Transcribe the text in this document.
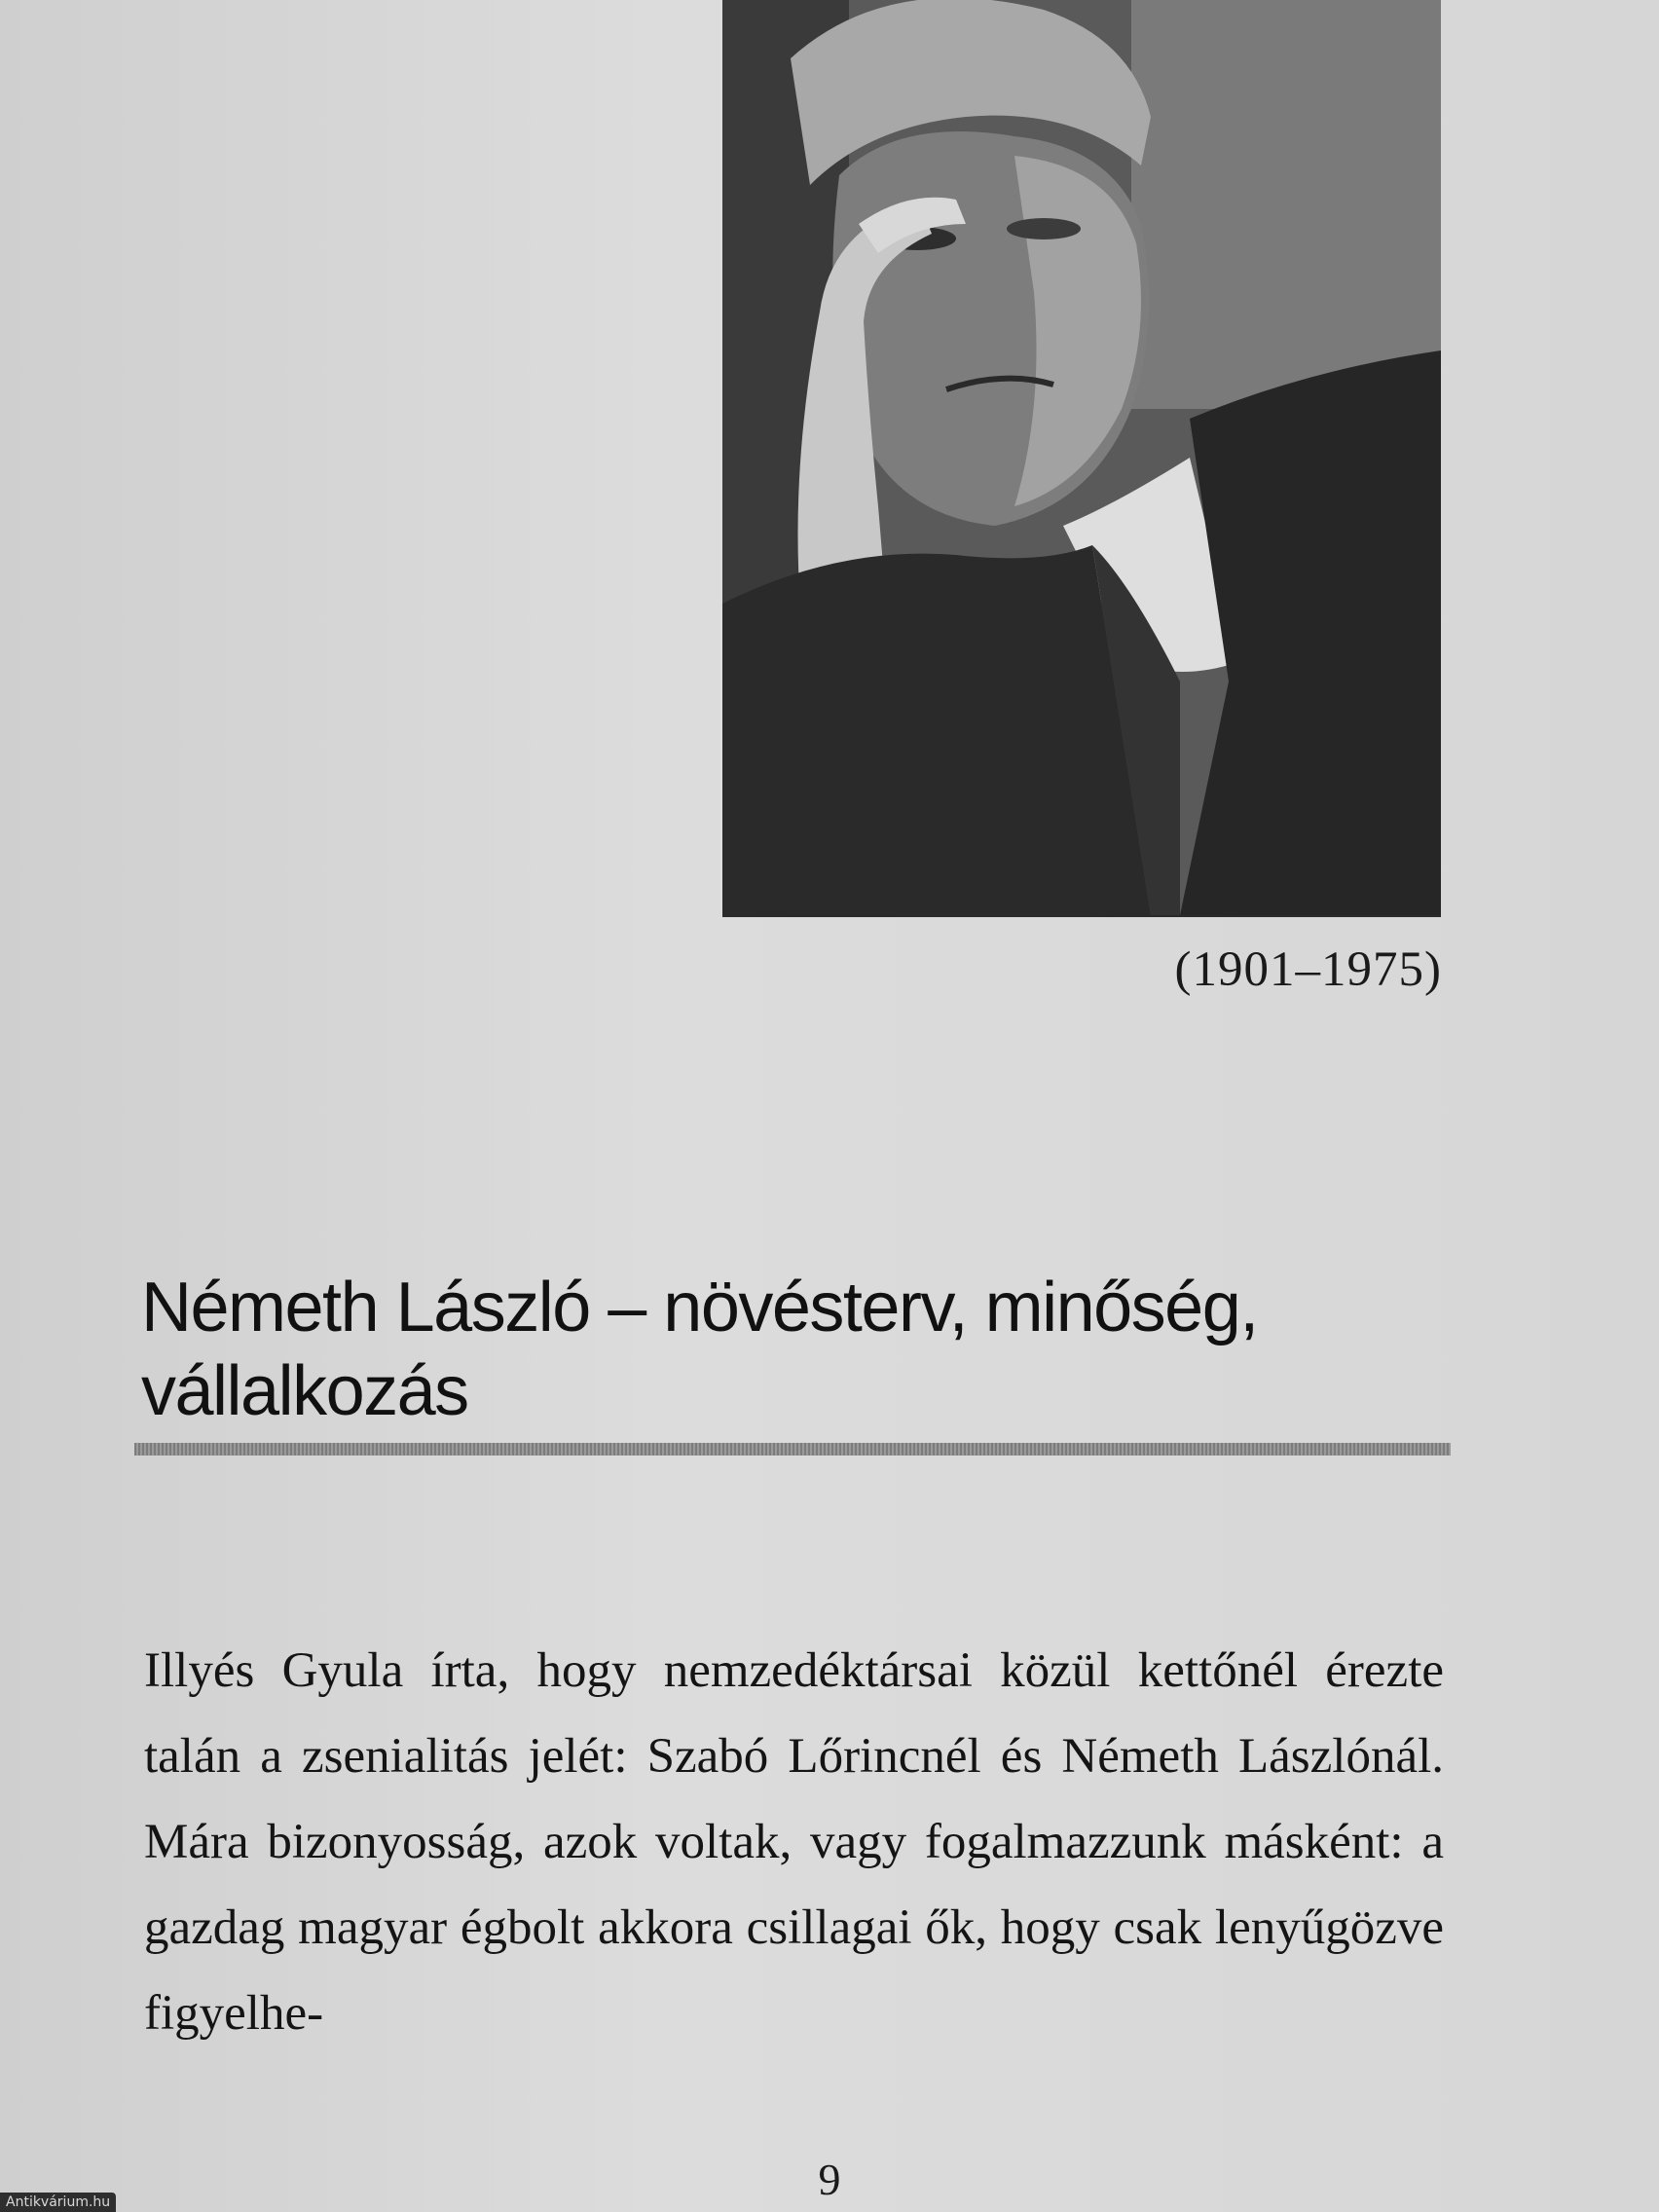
(1901–1975)
Németh László – növésterv, minőség,
vállalkozás

Illyés Gyula írta, hogy nemzedéktársai közül kettőnél érezte talán a zsenialitás jelét: Szabó Lőrincnél és Németh Lászlónál. Mára bizonyosság, azok voltak, vagy fogalmazzunk másként: a gazdag magyar égbolt akkora csillagai ők, hogy csak lenyűgözve figyelhe-

9
Antikvárium.hu
